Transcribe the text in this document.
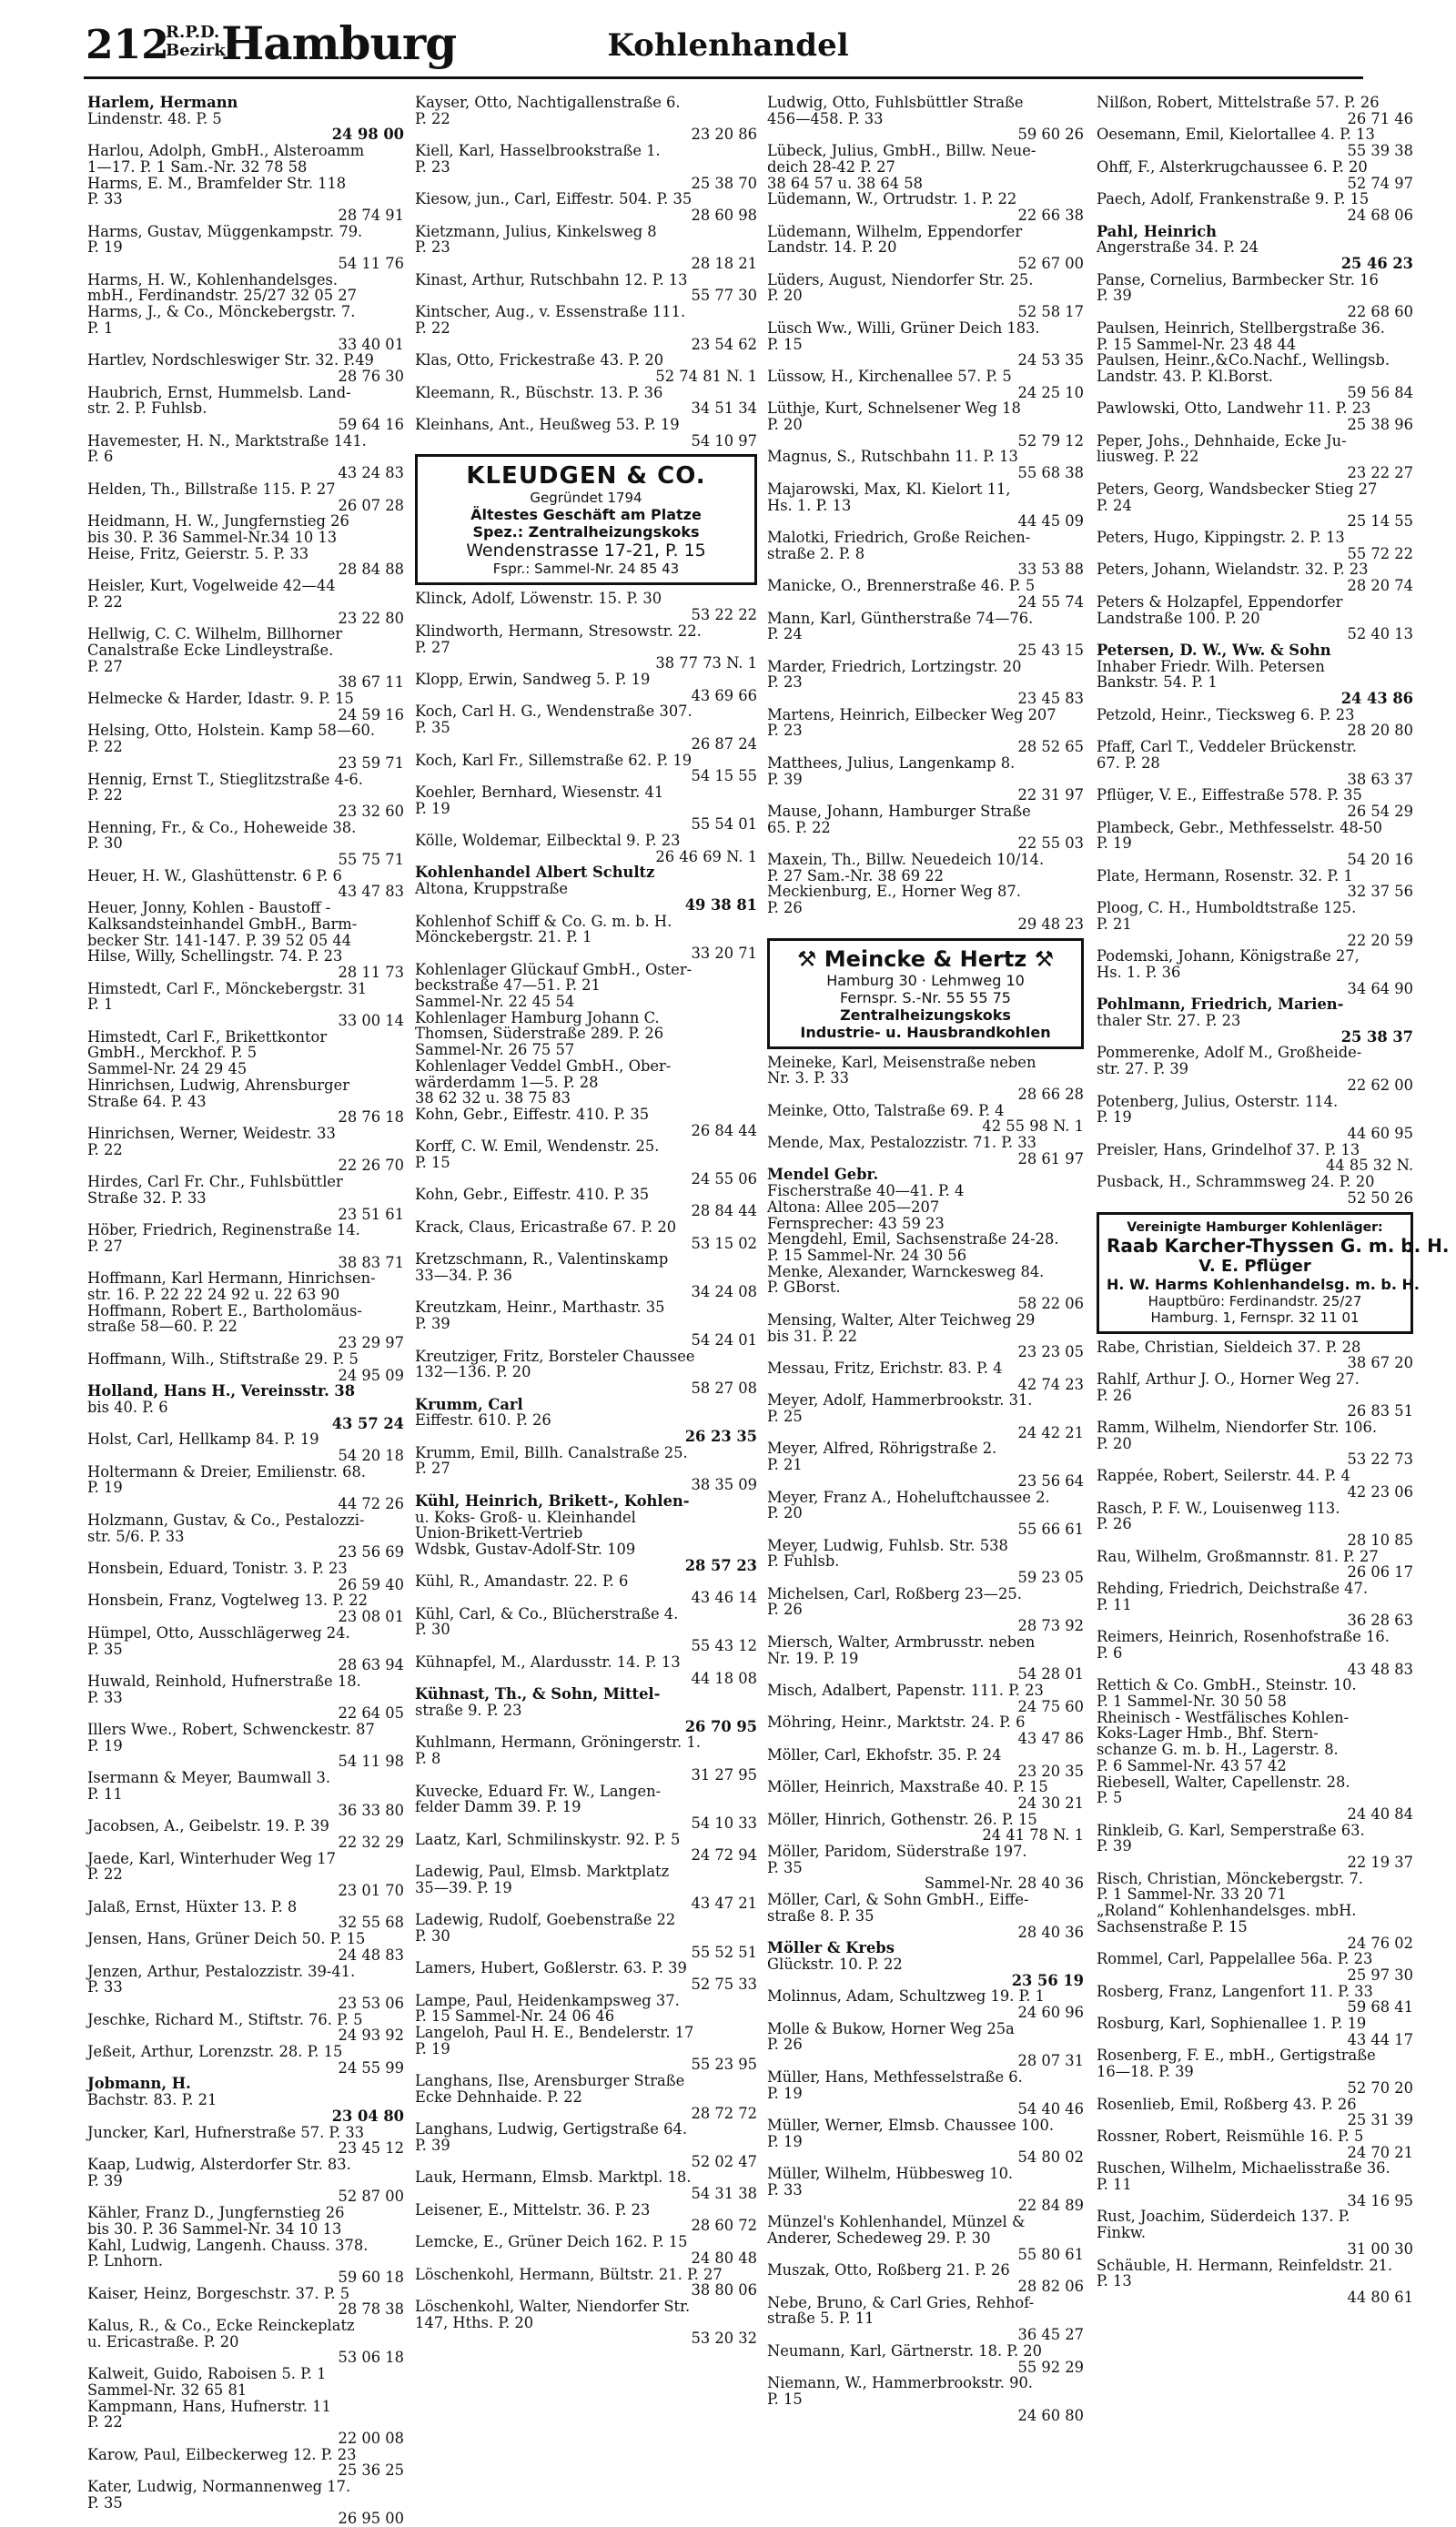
212
R.P.D.
Bezirk
Hamburg	Kohlenhandel
Harlem, Hermann
Lindenstr. 48. P. 5
24 98 00
Harlou, Adolph, GmbH., Alsteroamm
1—17. P. 1 Sam.-Nr. 32 78 58
Harms, E. M., Bramfelder Str. 118
P. 33
28 74 91
Harms, Gustav, Müggenkampstr. 79.
P. 19
54 11 76
Harms, H. W., Kohlenhandelsges.
mbH., Ferdinandstr. 25/27 32 05 27
Harms, J., & Co., Mönckebergstr. 7.
P. 1
33 40 01
Hartlev, Nordschleswiger Str. 32. P.49
28 76 30
Haubrich, Ernst, Hummelsb. Land-
str. 2. P. Fuhlsb.
59 64 16
Havemester, H. N., Marktstraße 141.
P. 6
43 24 83
Helden, Th., Billstraße 115. P. 27
26 07 28
Heidmann, H. W., Jungfernstieg 26
bis 30. P. 36 Sammel-Nr.34 10 13
Heise, Fritz, Geierstr. 5. P. 33
28 84 88
Heisler, Kurt, Vogelweide 42—44
P. 22
23 22 80
Hellwig, C. C. Wilhelm, Billhorner
Canalstraße Ecke Lindleystraße.
P. 27
38 67 11
Helmecke & Harder, Idastr. 9. P. 15
24 59 16
Helsing, Otto, Holstein. Kamp 58—60.
P. 22
23 59 71
Hennig, Ernst T., Stieglitzstraße 4-6.
P. 22
23 32 60
Henning, Fr., & Co., Hoheweide 38.
P. 30
55 75 71
Heuer, H. W., Glashüttenstr. 6 P. 6
43 47 83
Heuer, Jonny, Kohlen - Baustoff -
Kalksandsteinhandel GmbH., Barm-
becker Str. 141-147. P. 39 52 05 44
Hilse, Willy, Schellingstr. 74. P. 23
28 11 73
Himstedt, Carl F., Mönckebergstr. 31
P. 1
33 00 14
Himstedt, Carl F., Brikettkontor
GmbH., Merckhof. P. 5
Sammel-Nr. 24 29 45
Hinrichsen, Ludwig, Ahrensburger
Straße 64. P. 43
28 76 18
Hinrichsen, Werner, Weidestr. 33
P. 22
22 26 70
Hirdes, Carl Fr. Chr., Fuhlsbüttler
Straße 32. P. 33
23 51 61
Höber, Friedrich, Reginenstraße 14.
P. 27
38 83 71
Hoffmann, Karl Hermann, Hinrichsen-
str. 16. P. 22 22 24 92 u. 22 63 90
Hoffmann, Robert E., Bartholomäus-
straße 58—60. P. 22
23 29 97
Hoffmann, Wilh., Stiftstraße 29. P. 5
24 95 09
Holland, Hans H., Vereinsstr. 38
bis 40. P. 6
43 57 24
Holst, Carl, Hellkamp 84. P. 19
54 20 18
Holtermann & Dreier, Emilienstr. 68.
P. 19
44 72 26
Holzmann, Gustav, & Co., Pestalozzi-
str. 5/6. P. 33
23 56 69
Honsbein, Eduard, Tonistr. 3. P. 23
26 59 40
Honsbein, Franz, Vogtelweg 13. P. 22
23 08 01
Hümpel, Otto, Ausschlägerweg 24.
P. 35
28 63 94
Huwald, Reinhold, Hufnerstraße 18.
P. 33
22 64 05
Illers Wwe., Robert, Schwenckestr. 87
P. 19
54 11 98
Isermann & Meyer, Baumwall 3.
P. 11
36 33 80
Jacobsen, A., Geibelstr. 19. P. 39
22 32 29
Jaede, Karl, Winterhuder Weg 17
P. 22
23 01 70
Jalaß, Ernst, Hüxter 13. P. 8
32 55 68
Jensen, Hans, Grüner Deich 50. P. 15
24 48 83
Jenzen, Arthur, Pestalozzistr. 39-41.
P. 33
23 53 06
Jeschke, Richard M., Stiftstr. 76. P. 5
24 93 92
Jeßeit, Arthur, Lorenzstr. 28. P. 15
24 55 99
Jobmann, H.
Bachstr. 83. P. 21
23 04 80
Juncker, Karl, Hufnerstraße 57. P. 33
23 45 12
Kaap, Ludwig, Alsterdorfer Str. 83.
P. 39
52 87 00
Kähler, Franz D., Jungfernstieg 26
bis 30. P. 36 Sammel-Nr. 34 10 13
Kahl, Ludwig, Langenh. Chauss. 378.
P. Lnhorn.
59 60 18
Kaiser, Heinz, Borgeschstr. 37. P. 5
28 78 38
Kalus, R., & Co., Ecke Reinckeplatz
u. Ericastraße. P. 20
53 06 18
Kalweit, Guido, Raboisen 5. P. 1
Sammel-Nr. 32 65 81
Kampmann, Hans, Hufnerstr. 11
P. 22
22 00 08
Karow, Paul, Eilbeckerweg 12. P. 23
25 36 25
Kater, Ludwig, Normannenweg 17.
P. 35
26 95 00
Kayser, Otto, Nachtigallenstraße 6.
P. 22
23 20 86
Kiell, Karl, Hasselbrookstraße 1.
P. 23
25 38 70
Kiesow, jun., Carl, Eiffestr. 504. P. 35
28 60 98
Kietzmann, Julius, Kinkelsweg 8
P. 23
28 18 21
Kinast, Arthur, Rutschbahn 12. P. 13
55 77 30
Kintscher, Aug., v. Essenstraße 111.
P. 22
23 54 62
Klas, Otto, Frickestraße 43. P. 20
52 74 81 N. 1
Kleemann, R., Büschstr. 13. P. 36
34 51 34
Kleinhans, Ant., Heußweg 53. P. 19
54 10 97
KLEUDGEN & CO.
Gegründet 1794
Ältestes Geschäft am Platze
Spez.: Zentralheizungskoks
Wendenstrasse 17-21, P. 15
Fspr.: Sammel-Nr. 24 85 43
Klinck, Adolf, Löwenstr. 15. P. 30
53 22 22
Klindworth, Hermann, Stresowstr. 22.
P. 27
38 77 73 N. 1
Klopp, Erwin, Sandweg 5. P. 19
43 69 66
Koch, Carl H. G., Wendenstraße 307.
P. 35
26 87 24
Koch, Karl Fr., Sillemstraße 62. P. 19
54 15 55
Koehler, Bernhard, Wiesenstr. 41
P. 19
55 54 01
Kölle, Woldemar, Eilbecktal 9. P. 23
26 46 69 N. 1
Kohlenhandel Albert Schultz
Altona, Kruppstraße
49 38 81
Kohlenhof Schiff & Co. G. m. b. H.
Mönckebergstr. 21. P. 1
33 20 71
Kohlenlager Glückauf GmbH., Oster-
beckstraße 47—51. P. 21
Sammel-Nr. 22 45 54
Kohlenlager Hamburg Johann C.
Thomsen, Süderstraße 289. P. 26
Sammel-Nr. 26 75 57
Kohlenlager Veddel GmbH., Ober-
wärderdamm 1—5. P. 28
38 62 32 u. 38 75 83
Kohn, Gebr., Eiffestr. 410. P. 35
26 84 44
Korff, C. W. Emil, Wendenstr. 25.
P. 15
24 55 06
Kohn, Gebr., Eiffestr. 410. P. 35
28 84 44
Krack, Claus, Ericastraße 67. P. 20
53 15 02
Kretzschmann, R., Valentinskamp
33—34. P. 36
34 24 08
Kreutzkam, Heinr., Marthastr. 35
P. 39
54 24 01
Kreutziger, Fritz, Borsteler Chaussee
132—136. P. 20
58 27 08
Krumm, Carl
Eiffestr. 610. P. 26
26 23 35
Krumm, Emil, Billh. Canalstraße 25.
P. 27
38 35 09
Kühl, Heinrich, Brikett-, Kohlen-
u. Koks- Groß- u. Kleinhandel
Union-Brikett-Vertrieb
Wdsbk, Gustav-Adolf-Str. 109
28 57 23
Kühl, R., Amandastr. 22. P. 6
43 46 14
Kühl, Carl, & Co., Blücherstraße 4.
P. 30
55 43 12
Kühnapfel, M., Alardusstr. 14. P. 13
44 18 08
Kühnast, Th., & Sohn, Mittel-
straße 9. P. 23
26 70 95
Kuhlmann, Hermann, Gröningerstr. 1.
P. 8
31 27 95
Kuvecke, Eduard Fr. W., Langen-
felder Damm 39. P. 19
54 10 33
Laatz, Karl, Schmilinskystr. 92. P. 5
24 72 94
Ladewig, Paul, Elmsb. Marktplatz
35—39. P. 19
43 47 21
Ladewig, Rudolf, Goebenstraße 22
P. 30
55 52 51
Lamers, Hubert, Goßlerstr. 63. P. 39
52 75 33
Lampe, Paul, Heidenkampsweg 37.
P. 15 Sammel-Nr. 24 06 46
Langeloh, Paul H. E., Bendelerstr. 17
P. 19
55 23 95
Langhans, Ilse, Arensburger Straße
Ecke Dehnhaide. P. 22
28 72 72
Langhans, Ludwig, Gertigstraße 64.
P. 39
52 02 47
Lauk, Hermann, Elmsb. Marktpl. 18.
54 31 38
Leisener, E., Mittelstr. 36. P. 23
28 60 72
Lemcke, E., Grüner Deich 162. P. 15
24 80 48
Löschenkohl, Hermann, Bültstr. 21. P. 27
38 80 06
Löschenkohl, Walter, Niendorfer Str.
147, Hths. P. 20
53 20 32
Ludwig, Otto, Fuhlsbüttler Straße
456—458. P. 33
59 60 26
Lübeck, Julius, GmbH., Billw. Neue-
deich 28-42 P. 27
38 64 57 u. 38 64 58
Lüdemann, W., Ortrudstr. 1. P. 22
22 66 38
Lüdemann, Wilhelm, Eppendorfer
Landstr. 14. P. 20
52 67 00
Lüders, August, Niendorfer Str. 25.
P. 20
52 58 17
Lüsch Ww., Willi, Grüner Deich 183.
P. 15
24 53 35
Lüssow, H., Kirchenallee 57. P. 5
24 25 10
Lüthje, Kurt, Schnelsener Weg 18
P. 20
52 79 12
Magnus, S., Rutschbahn 11. P. 13
55 68 38
Majarowski, Max, Kl. Kielort 11,
Hs. 1. P. 13
44 45 09
Malotki, Friedrich, Große Reichen-
straße 2. P. 8
33 53 88
Manicke, O., Brennerstraße 46. P. 5
24 55 74
Mann, Karl, Güntherstraße 74—76.
P. 24
25 43 15
Marder, Friedrich, Lortzingstr. 20
P. 23
23 45 83
Martens, Heinrich, Eilbecker Weg 207
P. 23
28 52 65
Matthees, Julius, Langenkamp 8.
P. 39
22 31 97
Mause, Johann, Hamburger Straße
65. P. 22
22 55 03
Maxein, Th., Billw. Neuedeich 10/14.
P. 27 Sam.-Nr. 38 69 22
Meckienburg, E., Horner Weg 87.
P. 26
29 48 23
⚒ Meincke & Hertz ⚒
Hamburg 30 · Lehmweg 10
Fernspr. S.-Nr. 55 55 75
Zentralheizungskoks
Industrie- u. Hausbrandkohlen
Meineke, Karl, Meisenstraße neben
Nr. 3. P. 33
28 66 28
Meinke, Otto, Talstraße 69. P. 4
42 55 98 N. 1
Mende, Max, Pestalozzistr. 71. P. 33
28 61 97
Mendel Gebr.
Fischerstraße 40—41. P. 4
Altona: Allee 205—207
Fernsprecher: 43 59 23
Mengdehl, Emil, Sachsenstraße 24-28.
P. 15 Sammel-Nr. 24 30 56
Menke, Alexander, Warnckesweg 84.
P. GBorst.
58 22 06
Mensing, Walter, Alter Teichweg 29
bis 31. P. 22
23 23 05
Messau, Fritz, Erichstr. 83. P. 4
42 74 23
Meyer, Adolf, Hammerbrookstr. 31.
P. 25
24 42 21
Meyer, Alfred, Röhrigstraße 2.
P. 21
23 56 64
Meyer, Franz A., Hoheluftchaussee 2.
P. 20
55 66 61
Meyer, Ludwig, Fuhlsb. Str. 538
P. Fuhlsb.
59 23 05
Michelsen, Carl, Roßberg 23—25.
P. 26
28 73 92
Miersch, Walter, Armbrusstr. neben
Nr. 19. P. 19
54 28 01
Misch, Adalbert, Papenstr. 111. P. 23
24 75 60
Möhring, Heinr., Marktstr. 24. P. 6
43 47 86
Möller, Carl, Ekhofstr. 35. P. 24
23 20 35
Möller, Heinrich, Maxstraße 40. P. 15
24 30 21
Möller, Hinrich, Gothenstr. 26. P. 15
24 41 78 N. 1
Möller, Paridom, Süderstraße 197.
P. 35
Sammel-Nr. 28 40 36
Möller, Carl, & Sohn GmbH., Eiffe-
straße 8. P. 35
28 40 36
Möller & Krebs
Glückstr. 10. P. 22
23 56 19
Molinnus, Adam, Schultzweg 19. P. 1
24 60 96
Molle & Bukow, Horner Weg 25a
P. 26
28 07 31
Müller, Hans, Methfesselstraße 6.
P. 19
54 40 46
Müller, Werner, Elmsb. Chaussee 100.
P. 19
54 80 02
Müller, Wilhelm, Hübbesweg 10.
P. 33
22 84 89
Münzel's Kohlenhandel, Münzel &
Anderer, Schedeweg 29. P. 30
55 80 61
Muszak, Otto, Roßberg 21. P. 26
28 82 06
Nebe, Bruno, & Carl Gries, Rehhof-
straße 5. P. 11
36 45 27
Neumann, Karl, Gärtnerstr. 18. P. 20
55 92 29
Niemann, W., Hammerbrookstr. 90.
P. 15
24 60 80
Nilßon, Robert, Mittelstraße 57. P. 26
26 71 46
Oesemann, Emil, Kielortallee 4. P. 13
55 39 38
Ohff, F., Alsterkrugchaussee 6. P. 20
52 74 97
Paech, Adolf, Frankenstraße 9. P. 15
24 68 06
Pahl, Heinrich
Angerstraße 34. P. 24
25 46 23
Panse, Cornelius, Barmbecker Str. 16
P. 39
22 68 60
Paulsen, Heinrich, Stellbergstraße 36.
P. 15 Sammel-Nr. 23 48 44
Paulsen, Heinr.,&Co.Nachf., Wellingsb.
Landstr. 43. P. Kl.Borst.
59 56 84
Pawlowski, Otto, Landwehr 11. P. 23
25 38 96
Peper, Johs., Dehnhaide, Ecke Ju-
liusweg. P. 22
23 22 27
Peters, Georg, Wandsbecker Stieg 27
P. 24
25 14 55
Peters, Hugo, Kippingstr. 2. P. 13
55 72 22
Peters, Johann, Wielandstr. 32. P. 23
28 20 74
Peters & Holzapfel, Eppendorfer
Landstraße 100. P. 20
52 40 13
Petersen, D. W., Ww. & Sohn
Inhaber Friedr. Wilh. Petersen
Bankstr. 54. P. 1
24 43 86
Petzold, Heinr., Tiecksweg 6. P. 23
28 20 80
Pfaff, Carl T., Veddeler Brückenstr.
67. P. 28
38 63 37
Pflüger, V. E., Eiffestraße 578. P. 35
26 54 29
Plambeck, Gebr., Methfesselstr. 48-50
P. 19
54 20 16
Plate, Hermann, Rosenstr. 32. P. 1
32 37 56
Ploog, C. H., Humboldtstraße 125.
P. 21
22 20 59
Podemski, Johann, Königstraße 27,
Hs. 1. P. 36
34 64 90
Pohlmann, Friedrich, Marien-
thaler Str. 27. P. 23
25 38 37
Pommerenke, Adolf M., Großheide-
str. 27. P. 39
22 62 00
Potenberg, Julius, Osterstr. 114.
P. 19
44 60 95
Preisler, Hans, Grindelhof 37. P. 13
44 85 32 N.
Pusback, H., Schrammsweg 24. P. 20
52 50 26
Vereinigte Hamburger Kohlenläger:
Raab Karcher-Thyssen G. m. b. H.
V. E. Pflüger
H. W. Harms Kohlenhandelsg. m. b. H.
Hauptbüro: Ferdinandstr. 25/27
Hamburg. 1, Fernspr. 32 11 01
Rabe, Christian, Sieldeich 37. P. 28
38 67 20
Rahlf, Arthur J. O., Horner Weg 27.
P. 26
26 83 51
Ramm, Wilhelm, Niendorfer Str. 106.
P. 20
53 22 73
Rappée, Robert, Seilerstr. 44. P. 4
42 23 06
Rasch, P. F. W., Louisenweg 113.
P. 26
28 10 85
Rau, Wilhelm, Großmannstr. 81. P. 27
26 06 17
Rehding, Friedrich, Deichstraße 47.
P. 11
36 28 63
Reimers, Heinrich, Rosenhofstraße 16.
P. 6
43 48 83
Rettich & Co. GmbH., Steinstr. 10.
P. 1 Sammel-Nr. 30 50 58
Rheinisch - Westfälisches Kohlen-
Koks-Lager Hmb., Bhf. Stern-
schanze G. m. b. H., Lagerstr. 8.
P. 6 Sammel-Nr. 43 57 42
Riebesell, Walter, Capellenstr. 28.
P. 5
24 40 84
Rinkleib, G. Karl, Semperstraße 63.
P. 39
22 19 37
Risch, Christian, Mönckebergstr. 7.
P. 1 Sammel-Nr. 33 20 71
„Roland“ Kohlenhandelsges. mbH.
Sachsenstraße P. 15
24 76 02
Rommel, Carl, Pappelallee 56a. P. 23
25 97 30
Rosberg, Franz, Langenfort 11. P. 33
59 68 41
Rosburg, Karl, Sophienallee 1. P. 19
43 44 17
Rosenberg, F. E., mbH., Gertigstraße
16—18. P. 39
52 70 20
Rosenlieb, Emil, Roßberg 43. P. 26
25 31 39
Rossner, Robert, Reismühle 16. P. 5
24 70 21
Ruschen, Wilhelm, Michaelisstraße 36.
P. 11
34 16 95
Rust, Joachim, Süderdeich 137. P.
Finkw.
31 00 30
Schäuble, H. Hermann, Reinfeldstr. 21.
P. 13
44 80 61
